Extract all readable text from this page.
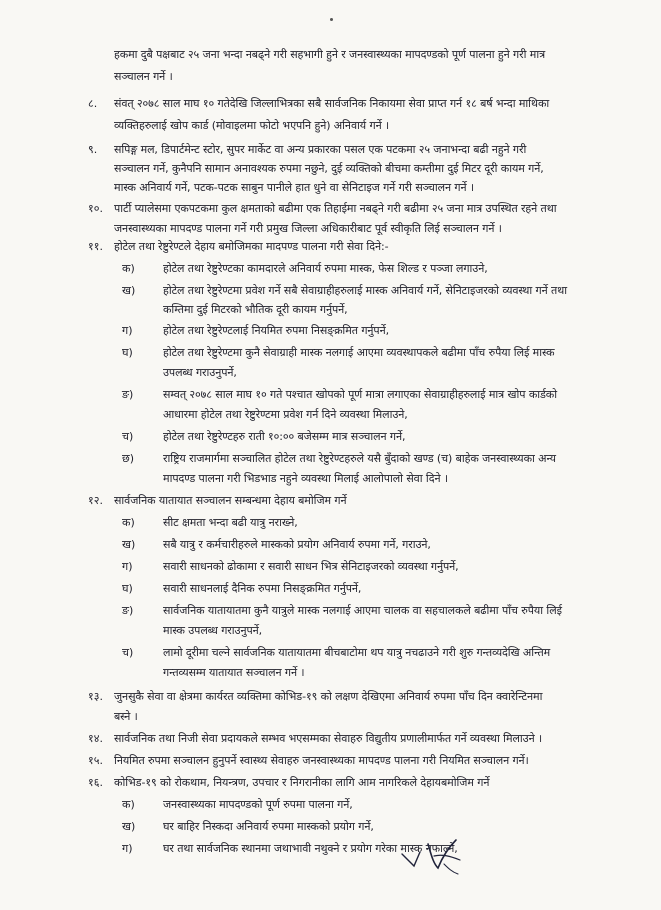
हकमा दुबै पक्षबाट २५ जना भन्दा नबढ्ने गरी सहभागी हुने र जनस्वास्थ्यका मापदण्डको पूर्ण पालना हुने गरी मात्र
सञ्चालन गर्ने ।
८. संवत् २०७८ साल माघ १० गतेदेखि जिल्लाभित्रका सबै सार्वजनिक निकायमा सेवा प्राप्त गर्न १८ बर्ष भन्दा माथिका
व्यक्तिहरुलाई खोप कार्ड (मोवाइलमा फोटो भएपनि हुने) अनिवार्य गर्ने ।
९. सपिङ्ग मल, डिपार्टमेन्ट स्टोर, सुपर मार्केट वा अन्य प्रकारका पसल एक पटकमा २५ जनाभन्दा बढी नहुने गरी
सञ्चालन गर्ने, कुनैपनि सामान अनावश्यक रुपमा नछुने, दुई व्यक्तिको बीचमा कम्तीमा दुई मिटर दूरी कायम गर्ने,
मास्क अनिवार्य गर्ने, पटक-पटक साबुन पानीले हात धुने वा सेनिटाइज गर्ने गरी सञ्चालन गर्ने ।
१०. पार्टी प्यालेसमा एकपटकमा कुल क्षमताको बढीमा एक तिहाईमा नबढ्ने गरी बढीमा २५ जना मात्र उपस्थित रहने तथा
जनस्वास्थ्यका मापदण्ड पालना गर्ने गरी प्रमुख जिल्ला अधिकारीबाट पूर्व स्वीकृति लिई सञ्चालन गर्ने ।
११. होटेल तथा रेष्टुरेण्टले देहाय बमोजिमका मादपण्ड पालना गरी सेवा दिने:-
क)	होटेल तथा रेष्टुरेण्टका कामदारले अनिवार्य रुपमा मास्क, फेस शिल्ड र पञ्जा लगाउने,
ख)	होटेल तथा रेष्टुरेण्टमा प्रवेश गर्ने सबै सेवाग्राहीहरुलाई मास्क अनिवार्य गर्ने, सेनिटाइजरको व्यवस्था गर्ने तथा
कम्तिमा दुई मिटरको भौतिक दूरी कायम गर्नुपर्ने,
ग)	होटेल तथा रेष्टुरेण्टलाई नियमित रुपमा निसङ्क्रमित गर्नुपर्ने,
घ)	होटेल तथा रेष्टुरेण्टमा कुनै सेवाग्राही मास्क नलगाई आएमा व्यवस्थापकले बढीमा पाँच रुपैया लिई मास्क
उपलब्ध गराउनुपर्ने,
ङ)	सम्वत् २०७८ साल माघ १० गते पश्चात खोपको पूर्ण मात्रा लगाएका सेवाग्राहीहरुलाई मात्र खोप कार्डको
आधारमा होटेल तथा रेष्टुरेण्टमा प्रवेश गर्न दिने व्यवस्था मिलाउने,
च)	होटेल तथा रेष्टुरेण्टहरु राती १०:०० बजेसम्म मात्र सञ्चालन गर्ने,
छ)	राष्ट्रिय राजमार्गमा सञ्चालित होटेल तथा रेष्टुरेण्टहरुले यसै बुँदाको खण्ड (च) बाहेक जनस्वास्थ्यका अन्य
मापदण्ड पालना गरी भिडभाड नहुने व्यवस्था मिलाई आलोपालो सेवा दिने ।
१२. सार्वजनिक यातायात सञ्चालन सम्बन्धमा देहाय बमोजिम गर्ने
क)	सीट क्षमता भन्दा बढी यात्रु नराख्ने,
ख)	सबै यात्रु र कर्मचारीहरुले मास्कको प्रयोग अनिवार्य रुपमा गर्ने, गराउने,
ग)	सवारी साधनको ढोकामा र सवारी साधन भित्र सेनिटाइजरको व्यवस्था गर्नुपर्ने,
घ)	सवारी साधनलाई दैनिक रुपमा निसङ्क्रमित गर्नुपर्ने,
ङ)	सार्वजनिक यातायातमा कुनै यात्रुले मास्क नलगाई आएमा चालक वा सहचालकले बढीमा पाँच रुपैया लिई
मास्क उपलब्ध गराउनुपर्ने,
च)	लामो दूरीमा चल्ने सार्वजनिक यातायातमा बीचबाटोमा थप यात्रु नचढाउने गरी शुरु गन्तव्यदेखि अन्तिम
गन्तव्यसम्म यातायात सञ्चालन गर्ने ।
१३. जुनसुकै सेवा वा क्षेत्रमा कार्यरत व्यक्तिमा कोभिड-१९ को लक्षण देखिएमा अनिवार्य रुपमा पाँच दिन क्वारेन्टिनमा
बस्ने ।
१४. सार्वजनिक तथा निजी सेवा प्रदायकले सम्भव भएसम्मका सेवाहरु विद्युतीय प्रणालीमार्फत गर्ने व्यवस्था मिलाउने ।
१५. नियमित रुपमा सञ्चालन हुनुपर्ने स्वास्थ्य सेवाहरु जनस्वास्थ्यका मापदण्ड पालना गरी नियमित सञ्चालन गर्ने।
१६. कोभिड-१९ को रोकथाम, नियन्त्रण, उपचार र निगरानीका लागि आम नागरिकले देहायबमोजिम गर्ने
क)	जनस्वास्थ्यका मापदण्डको पूर्ण रुपमा पालना गर्ने,
ख)	घर बाहिर निस्कदा अनिवार्य रुपमा मास्कको प्रयोग गर्ने,
ग)	घर तथा सार्वजनिक स्थानमा जथाभावी नथुक्ने र प्रयोग गरेका मास्क नफाल्ने,
